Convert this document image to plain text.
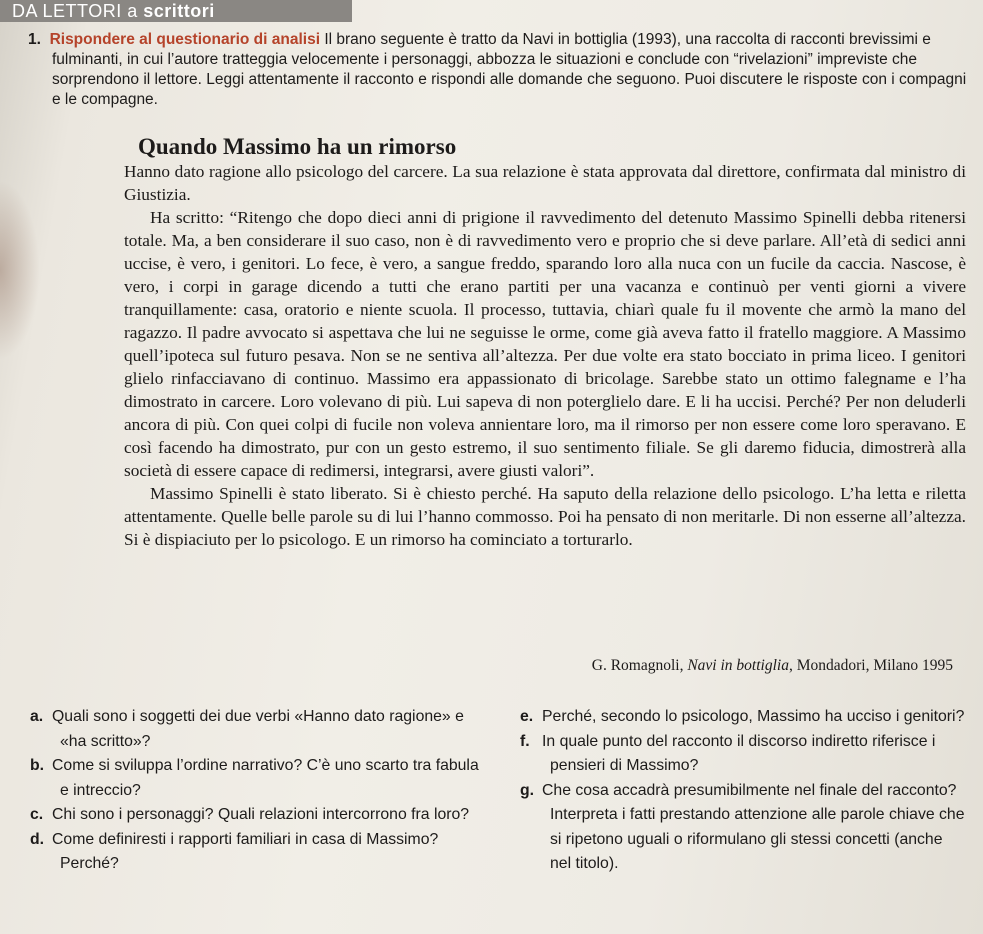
DA LETTORI a scrittori

1. Rispondere al questionario di analisi Il brano seguente è tratto da Navi in bottiglia (1993), una raccolta di racconti brevissimi e fulminanti, in cui l’autore tratteggia velocemente i personaggi, abbozza le situazioni e conclude con “rivelazioni” impreviste che sorprendono il lettore. Leggi attentamente il racconto e rispondi alle domande che seguono. Puoi discutere le risposte con i compagni e le compagne.

Quando Massimo ha un rimorso

Hanno dato ragione allo psicologo del carcere. La sua relazione è stata approvata dal direttore, confirmata dal ministro di Giustizia.

Ha scritto: “Ritengo che dopo dieci anni di prigione il ravvedimento del detenuto Massimo Spinelli debba ritenersi totale. Ma, a ben considerare il suo caso, non è di ravvedimento vero e proprio che si deve parlare. All’età di sedici anni uccise, è vero, i genitori. Lo fece, è vero, a sangue freddo, sparando loro alla nuca con un fucile da caccia. Nascose, è vero, i corpi in garage dicendo a tutti che erano partiti per una vacanza e continuò per venti giorni a vivere tranquillamente: casa, oratorio e niente scuola. Il processo, tuttavia, chiarì quale fu il movente che armò la mano del ragazzo. Il padre avvocato si aspettava che lui ne seguisse le orme, come già aveva fatto il fratello maggiore. A Massimo quell’ipoteca sul futuro pesava. Non se ne sentiva all’altezza. Per due volte era stato bocciato in prima liceo. I genitori glielo rinfacciavano di continuo. Massimo era appassionato di bricolage. Sarebbe stato un ottimo falegname e l’ha dimostrato in carcere. Loro volevano di più. Lui sapeva di non poterglielo dare. E li ha uccisi. Perché? Per non deluderli ancora di più. Con quei colpi di fucile non voleva annientare loro, ma il rimorso per non essere come loro speravano. E così facendo ha dimostrato, pur con un gesto estremo, il suo sentimento filiale. Se gli daremo fiducia, dimostrerà alla società di essere capace di redimersi, integrarsi, avere giusti valori”.

Massimo Spinelli è stato liberato. Si è chiesto perché. Ha saputo della relazione dello psicologo. L’ha letta e riletta attentamente. Quelle belle parole su di lui l’hanno commosso. Poi ha pensato di non meritarle. Di non esserne all’altezza. Si è dispiaciuto per lo psicologo. E un rimorso ha cominciato a torturarlo.

G. Romagnoli, Navi in bottiglia, Mondadori, Milano 1995

a. Quali sono i soggetti dei due verbi «Hanno dato ragione» e «ha scritto»?

b. Come si sviluppa l’ordine narrativo? C’è uno scarto tra fabula e intreccio?

c. Chi sono i personaggi? Quali relazioni intercorrono fra loro?

d. Come definiresti i rapporti familiari in casa di Massimo? Perché?

e. Perché, secondo lo psicologo, Massimo ha ucciso i genitori?

f. In quale punto del racconto il discorso indiretto riferisce i pensieri di Massimo?

g. Che cosa accadrà presumibilmente nel finale del racconto? Interpreta i fatti prestando attenzione alle parole chiave che si ripetono uguali o riformulano gli stessi concetti (anche nel titolo).
